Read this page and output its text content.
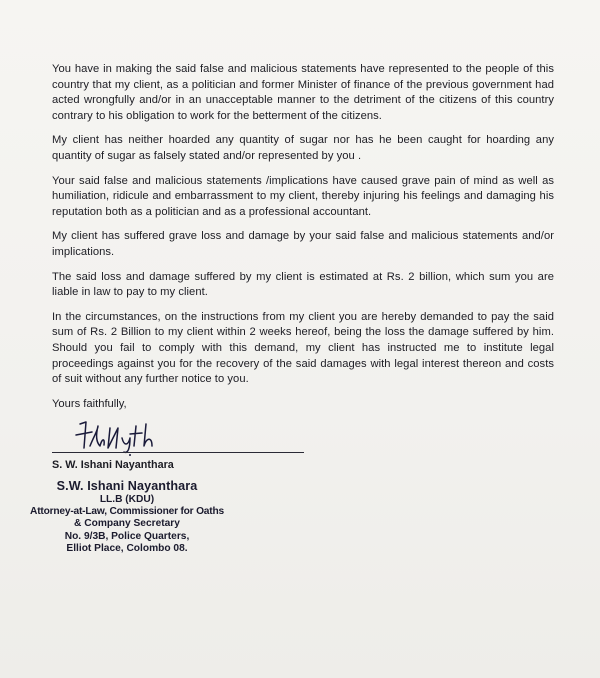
You have in making the said false and malicious statements have represented to the people of this country that my client, as a politician and former Minister of finance of the previous government had acted wrongfully and/or in an unacceptable manner to the detriment of the citizens of this country contrary to his obligation to work for the betterment of the citizens.

My client has neither hoarded any quantity of sugar nor has he been caught for hoarding any quantity of sugar as falsely stated and/or represented by you .

Your said false and malicious statements /implications have caused grave pain of mind as well as humiliation, ridicule and embarrassment to my client, thereby injuring his feelings and damaging his reputation both as a politician and as a professional accountant.

My client has suffered grave loss and damage by your said false and malicious statements and/or implications.

The said loss and damage suffered by my client is estimated at Rs. 2 billion, which sum you are liable in law to pay to my client.

In the circumstances, on the instructions from my client you are hereby demanded to pay the said sum of Rs. 2 Billion to my client within 2 weeks hereof, being the loss the damage suffered by him. Should you fail to comply with this demand, my client has instructed me to institute legal proceedings against you for the recovery of the said damages with legal interest thereon and costs of suit without any further notice to you.

Yours faithfully,

S. W. Ishani Nayanthara
S.W. Ishani Nayanthara
LL.B (KDU)
Attorney-at-Law, Commissioner for Oaths
& Company Secretary
No. 9/3B, Police Quarters,
Elliot Place, Colombo 08.
